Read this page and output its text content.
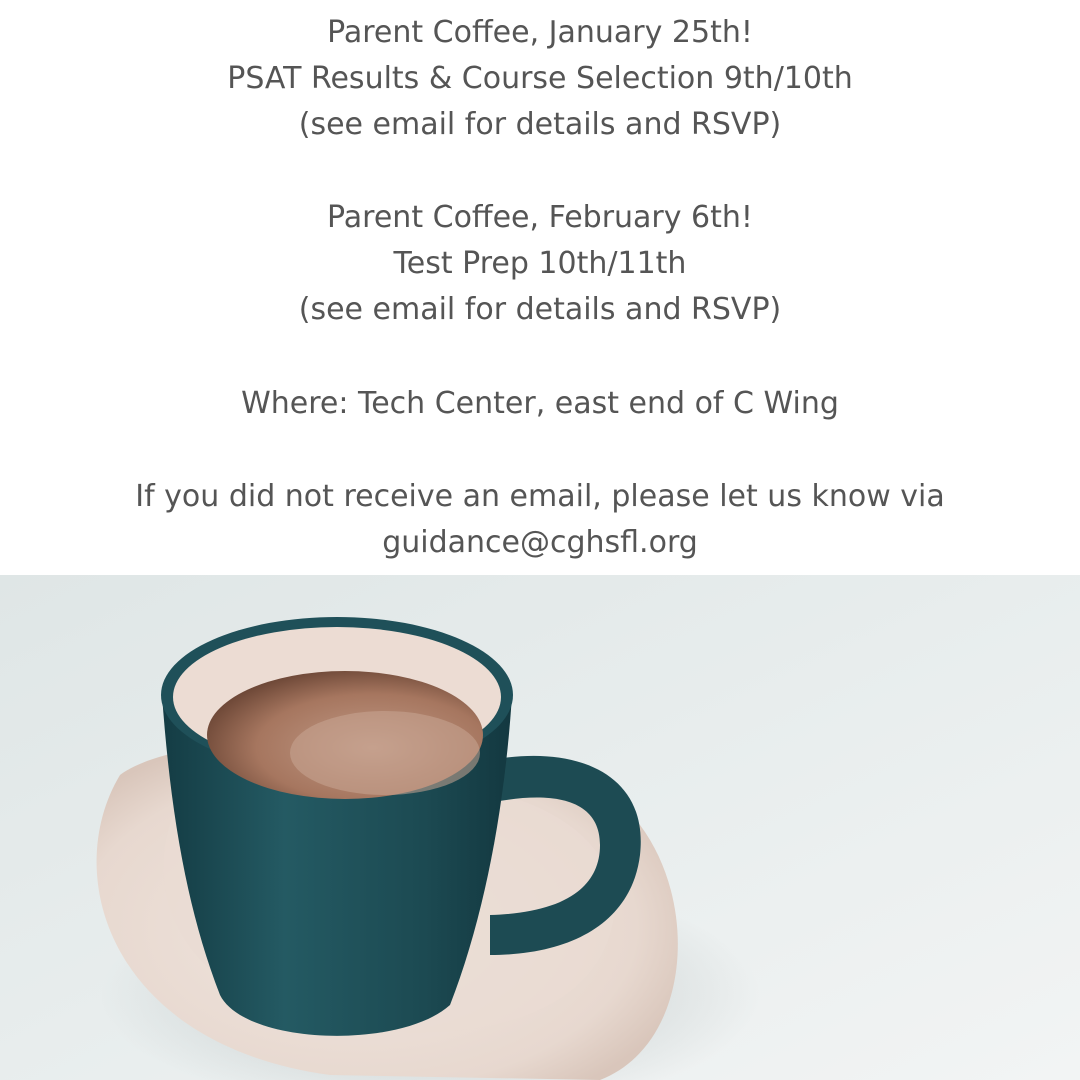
Parent Coffee, January 25th!
PSAT Results & Course Selection 9th/10th
(see email for details and RSVP)
Parent Coffee, February 6th!
Test Prep 10th/11th
(see email for details and RSVP)
Where: Tech Center, east end of C Wing
If you did not receive an email, please let us know via
guidance@cghsfl.org
